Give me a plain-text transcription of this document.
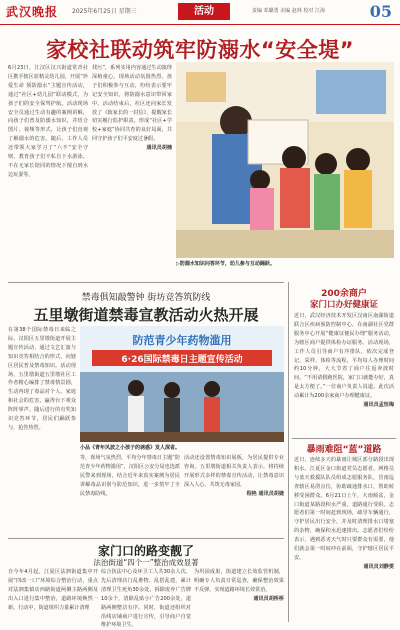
武汉晚报 2025年6月25日 星期三	活动	责编 邓璐勇 美编 赵林 校对 江海	05
家校社联动筑牢防溺水“安全堤”
6月23日，江汉区汉兴街道常青社区携手辖区蓝精灵幼儿园，开展“珍爱生命 预防溺水”主题宣传活动，通过“社区+幼儿园”联动模式，为孩子们的安全保驾护航。活动现场安全员通过生动有趣的案例讲解，向孩子们普及防溺水知识，并结合图片、视频等形式，让孩子们直观了解溺水的危害。随后，工作人员还带领大家学习了“六不”安全守则，教育孩子们不私自下水游泳、不在无家长陪同的情况下擅自到水边玩耍等。
找污”，系列实用内容通过生动演绎深植童心。现场活动氛围热烈，孩子们积极参与互动，纷纷表示要牢记安全知识，将防溺水意识带回家中。活动结束后，社区还向家长发放了《致家长的一封信》，提醒家长切实履行监护职责，形成“社区+学校+家庭”协同共育的良好局面，共同守护孩子们平安度过暑假。
通讯员胡楠
▷防溺水知识问答环节，幼儿参与互动踊跃。
禁毒俱知敲警钟 街坊竞答筑防线
五里墩街道禁毒宣教活动火热开展
在第38个国际禁毒日来临之际，汉阳区五里墩街道开展主题宣传活动，通过文艺汇演与知识竞答相结合的形式，向辖区居民普及禁毒知识。活动现场，五里墩街道五里墩社区工作者精心编排了禁毒情景剧，生动再现了毒品对个人、家庭和社会的危害，赢得台下观众阵阵掌声。随后进行的有奖知识竞答环节，居民们踊跃参与，抢答热烈。
防范青少年药物滥用
6·26国际禁毒日主题宣传活动
小品《青年风波之小孩子的诱惑》发人深省。
等，现场气氛热烈。平均分年禁毒日主题“防范青少年药物滥用”，汉阳区公安分局也选派民警来到现场，结合近年来真实案例为居民讲解毒品识别与防范知识，进一步筑牢了全民禁毒防线。
活动还设置禁毒知识展板，为居民提供专业咨询。五里墩街道相关负责人表示，将持续开展形式多样的禁毒宣传活动，让禁毒意识深入人心，共筑无毒家园。
程艳 通讯员胡婕
200余商户
家门口办好健康证
近日，武汉经济技术开发区汉南区南湖街道联合区疾病预防控制中心，在南湖社区党群服务中心开展“健康证便民办理”服务活动，为辖区商户提供体检办证服务。活动现场，工作人员引导商户有序排队，依次完成登记、采样、体检等流程，平均每人办理时间约10分钟，大大节省了商户往返奔波时间。“不用请假跑医院，家门口就能办好，真是太方便了。”一位商户负责人说道。此次活动累计为200余家商户办理健康证。
通讯员孟恒梅
暴雨难阻“蓝”道路
近日，连续多天的暴雨让城区部分路段出现积水。江夏区金口街道党员志愿者、网格员与蓝天救援队队员组成志愿服务队，冒雨巡查辖区易涝点位，协助疏通排水口，帮助转移受困群众。6月21日上午，大雨倾盆，金口街道某路段积水严重，道路通行受阻。志愿者们第一时间赶到现场，疏导车辆通行，守护居民出行安全，并及时清理排水口堵塞的杂物，确保积水迅速排出。志愿者们纷纷表示，遇到恶劣天气时只要群众有需要，他们就会第一时间冲在前面，守护辖区居民平安。
通讯员刘静雯
家门口的路变靓了
法治街道“四个一”整治成效显著
自今年4月起，江夏区法泗街道集中开展“四改一口”环境综合整治行动，重点对法泗集镇店西路街道两侧主路两侧及出入口进行集中整治，道路环境焕然一新。行动中，街道组织力量累计清理
综合执法中心及环卫工人共30余人次，先后清理店门乱堆物、乱搭乱建，累计清理卫生死角30余处，拆除废弃广告牌10余个，清除乱贴小广告200余处，道路两侧整洁有序。同时，街道还组织对沿线店铺商户进行宣传，引导商户自觉维护环境卫生。
为巩固成果，街道建立长效监管机制，明确专人负责日常巡查，确保整治效果不反弹，实现道路环境长效常治。
通讯员胡桥桥
